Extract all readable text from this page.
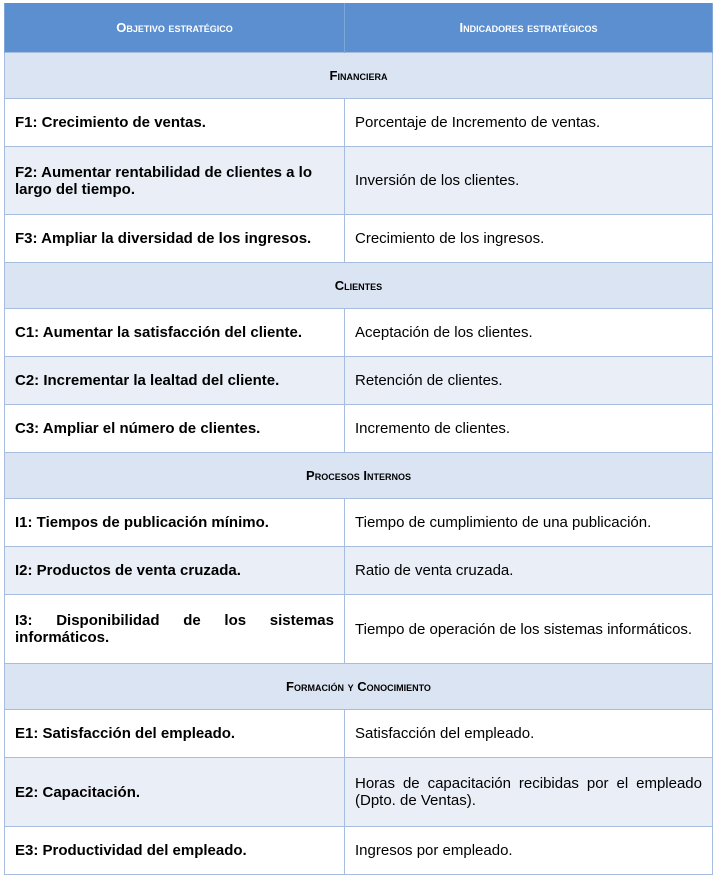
Objetivo estratégico	Indicadores estratégicos
Financiera	
F1: Crecimiento de ventas.	Porcentaje de Incremento de ventas.
F2: Aumentar rentabilidad de clientes a lo largo del tiempo.	Inversión de los clientes.
F3: Ampliar la diversidad de los ingresos.	Crecimiento de los ingresos.
Clientes	
C1: Aumentar la satisfacción del cliente.	Aceptación de los clientes.
C2: Incrementar la lealtad del cliente.	Retención de clientes.
C3: Ampliar el número de clientes.	Incremento de clientes.
Procesos Internos	
I1: Tiempos de publicación mínimo.	Tiempo de cumplimiento de una publicación.
I2: Productos de venta cruzada.	Ratio de venta cruzada.
I3: Disponibilidad de los sistemas informáticos.	Tiempo de operación de los sistemas informáticos.
Formación y Conocimiento	
E1: Satisfacción del empleado.	Satisfacción del empleado.
E2: Capacitación.	Horas de capacitación recibidas por el empleado (Dpto. de Ventas).
E3: Productividad del empleado.	Ingresos por empleado.
